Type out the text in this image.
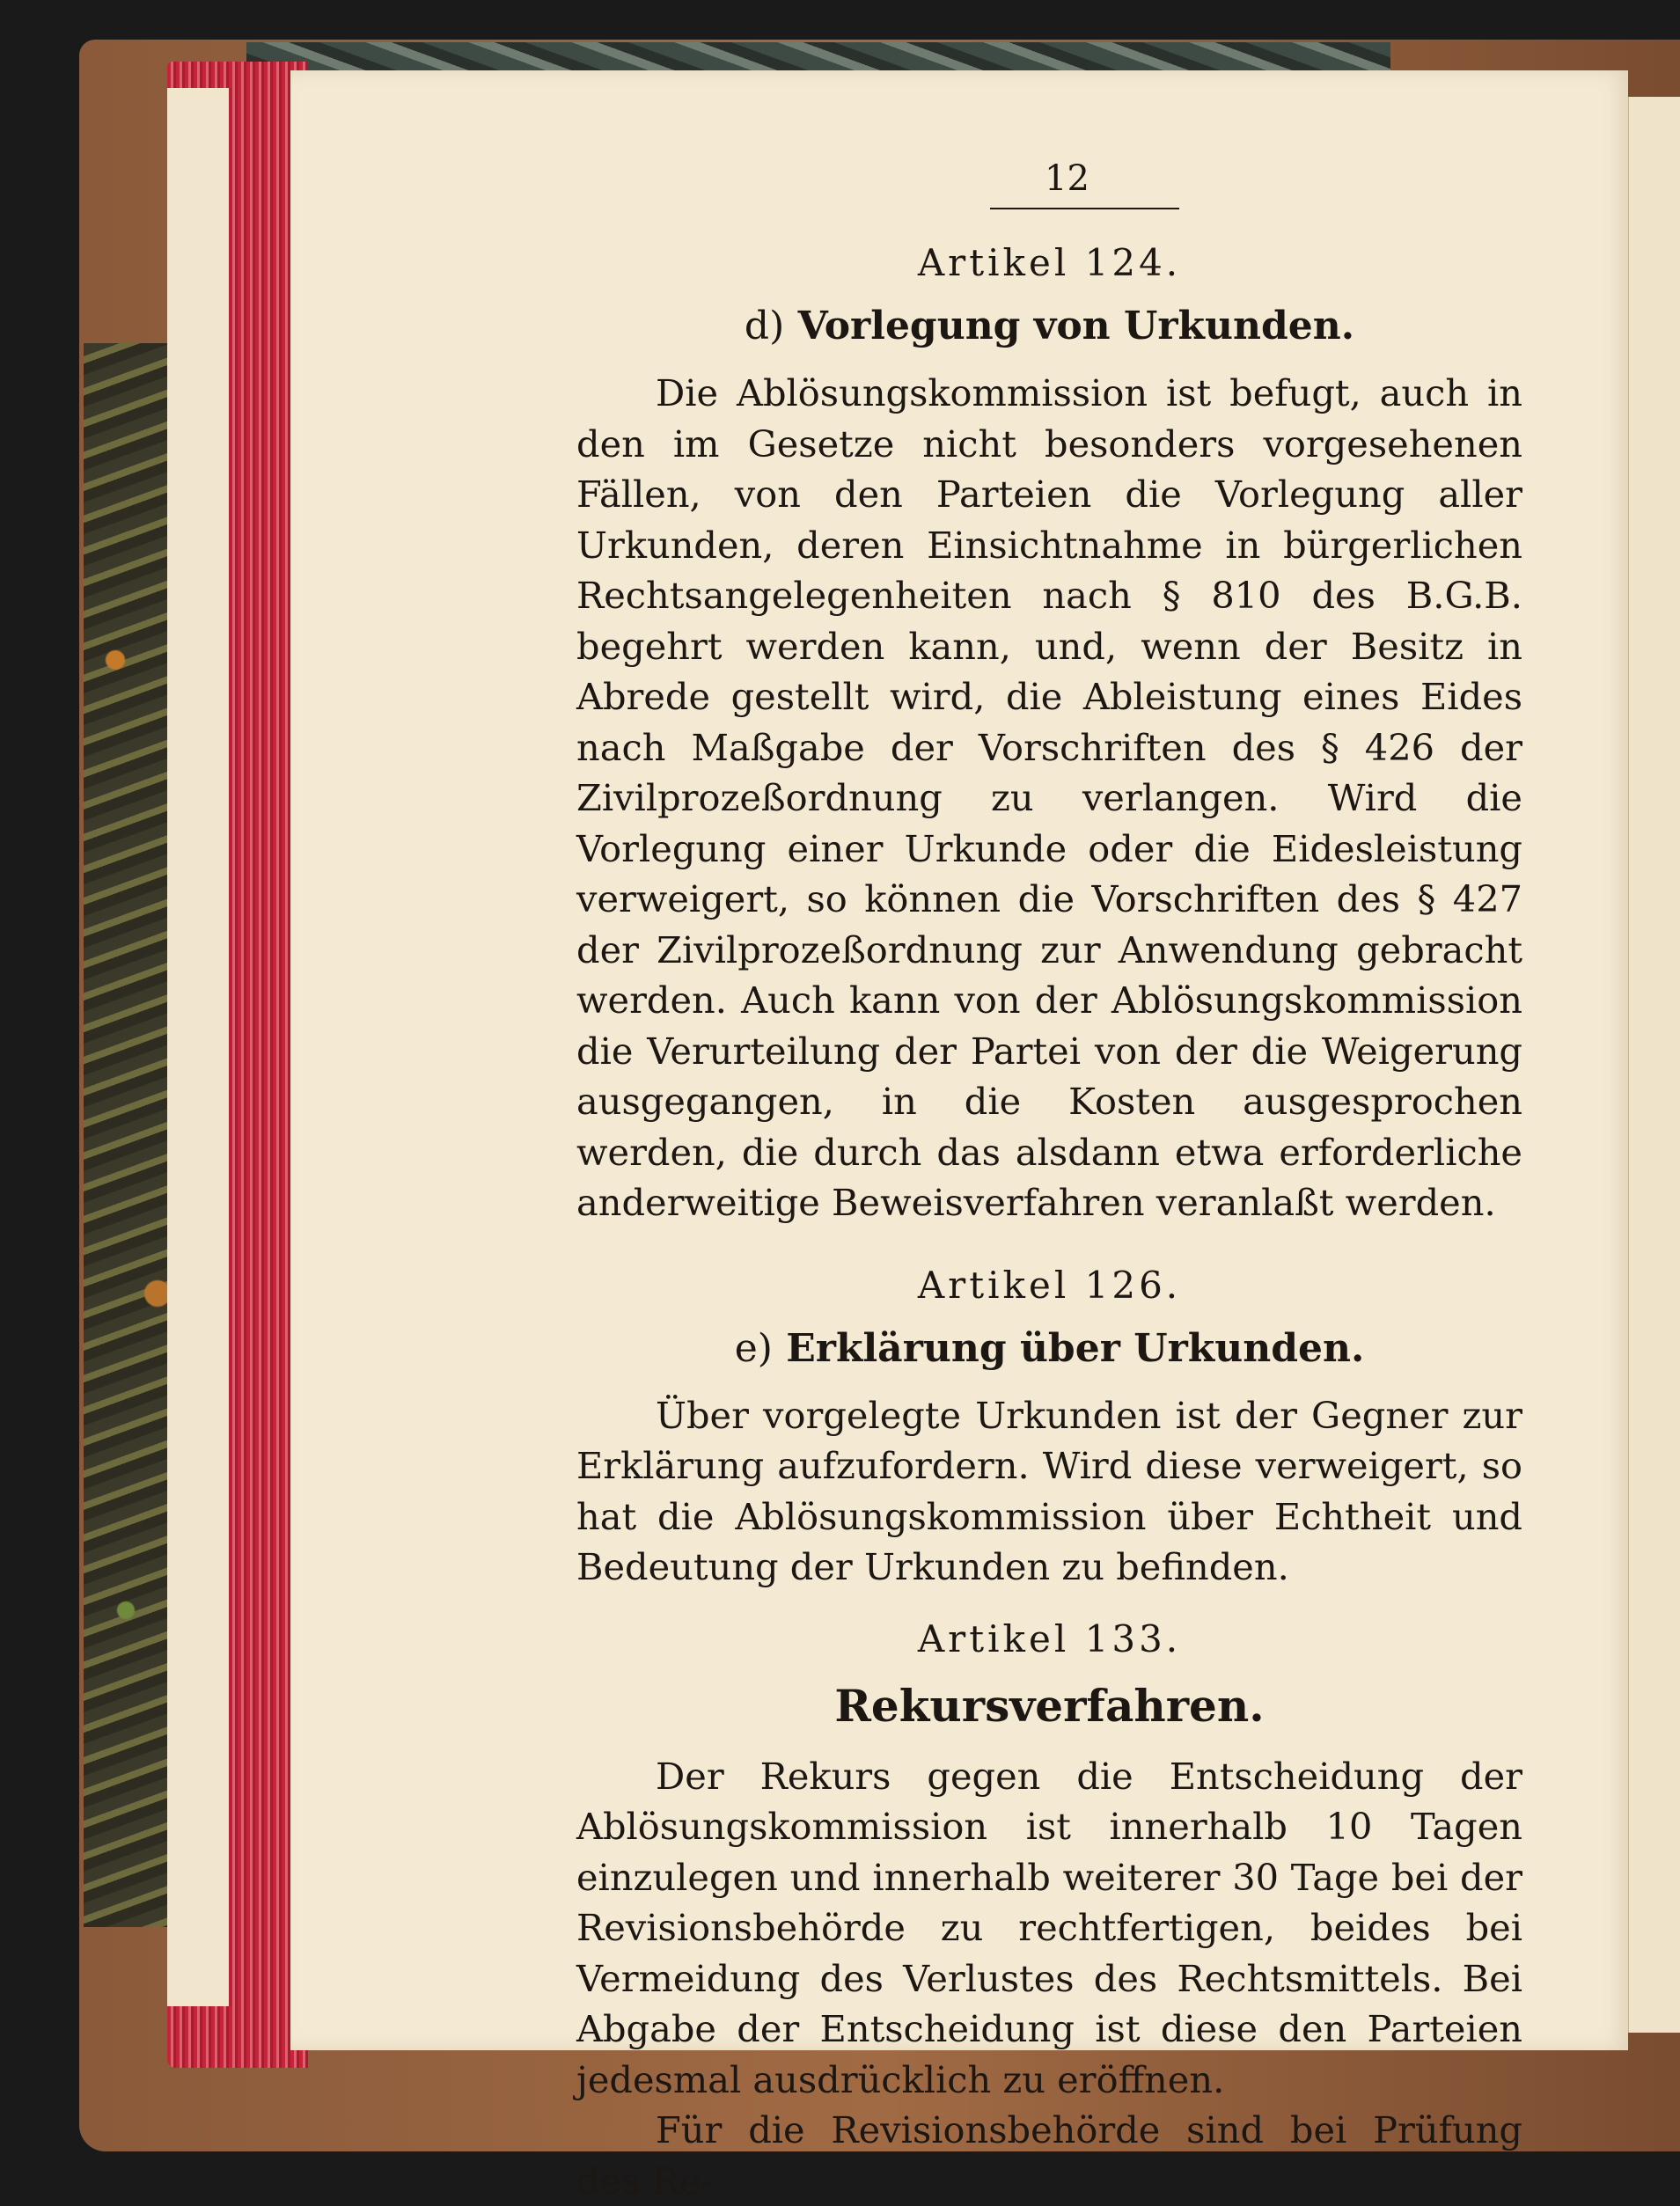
12
Artikel 124.
d) Vorlegung von Urkunden.

Die Ablösungskommission ist befugt, auch in den im Gesetze nicht besonders vorgesehenen Fällen, von den Parteien die Vorlegung aller Urkunden, deren Einsichtnahme in bürgerlichen Rechtsangelegenheiten nach § 810 des B.G.B. begehrt werden kann, und, wenn der Besitz in Abrede gestellt wird, die Ableistung eines Eides nach Maßgabe der Vorschriften des § 426 der Zivilprozeßordnung zu verlangen. Wird die Vorlegung einer Urkunde oder die Eidesleistung verweigert, so können die Vorschriften des § 427 der Zivilprozeßordnung zur Anwendung gebracht werden. Auch kann von der Ablösungskommission die Verurteilung der Partei von der die Weigerung ausgegangen, in die Kosten ausgesprochen werden, die durch das alsdann etwa erforderliche anderweitige Beweisverfahren veranlaßt werden.

Artikel 126.
e) Erklärung über Urkunden.

Über vorgelegte Urkunden ist der Gegner zur Erklärung aufzufordern. Wird diese verweigert, so hat die Ablösungskommission über Echtheit und Bedeutung der Urkunden zu befinden.

Artikel 133.
Rekursverfahren.

Der Rekurs gegen die Entscheidung der Ablösungskommission ist innerhalb 10 Tagen einzulegen und innerhalb weiterer 30 Tage bei der Revisionsbehörde zu rechtfertigen, beides bei Vermeidung des Verlustes des Rechtsmittels. Bei Abgabe der Entscheidung ist diese den Parteien jedesmal ausdrücklich zu eröffnen.

Für die Revisionsbehörde sind bei Prüfung des Re-
